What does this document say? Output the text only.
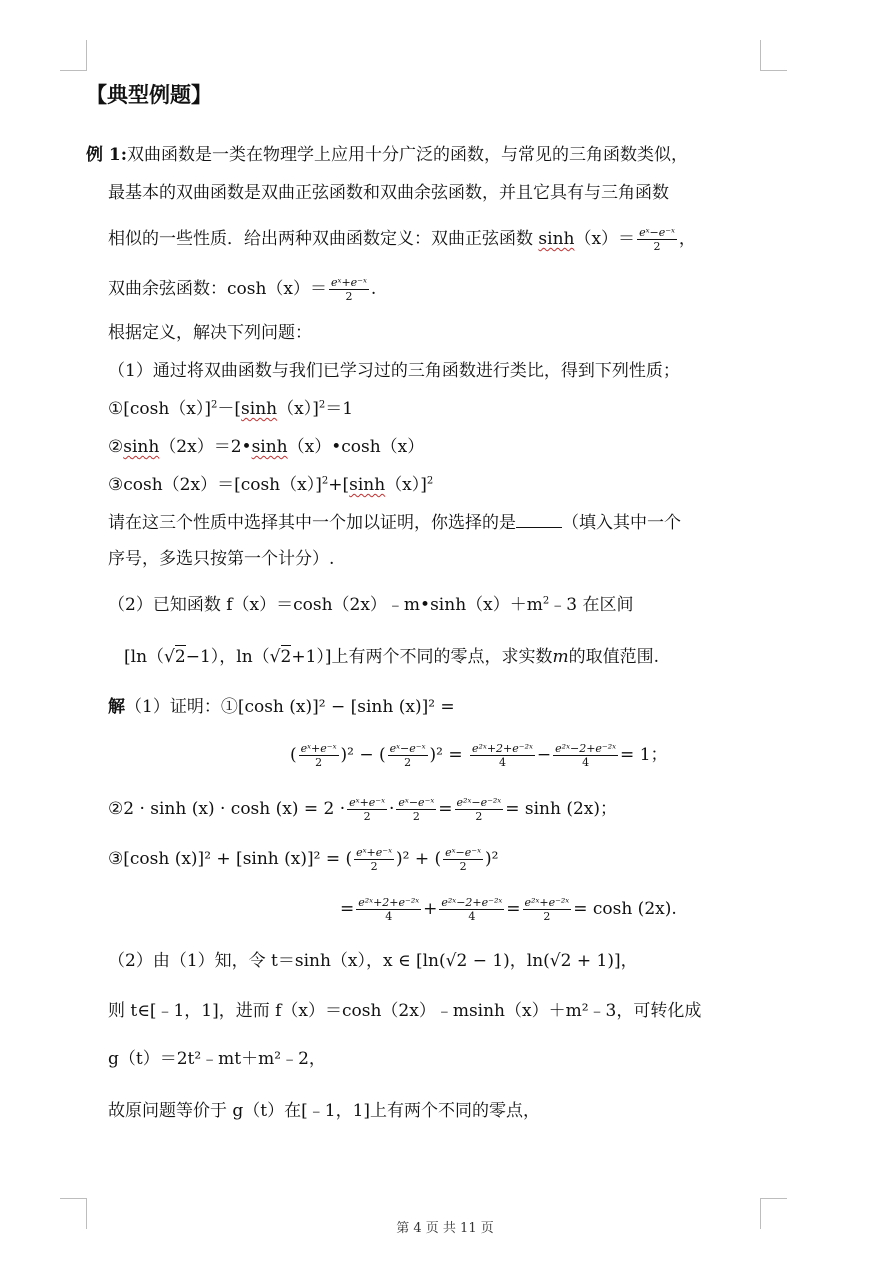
【典型例题】
例 1:双曲函数是一类在物理学上应用十分广泛的函数，与常见的三角函数类似，
最基本的双曲函数是双曲正弦函数和双曲余弦函数，并且它具有与三角函数
相似的一些性质．给出两种双曲函数定义：双曲正弦函数 $\sinh(x)= \frac{\text{eˣ−e⁻ˣ}}{2}$ ，
双曲余弦函数：$\cosh(x)= \frac{\text{eˣ+e⁻ˣ}}{2}$ .
根据定义，解决下列问题：
（1）通过将双曲函数与我们已学习过的三角函数进行类比，得到下列性质；
$①[\cosh(x)]^2-[\sinh(x)]^2=1$
②sinh（2x）＝2•sinh（x）•cosh（x）
$③\cosh(2x)=[\cosh(x)]^2+[\sinh(x)]^2$
请在这三个性质中选择其中一个加以证明，你选择的是	（填入其中一个
序号，多选只按第一个计分）.
（2）已知函数 $f(x)=\cosh(2x)﹣m•\sinh(x)+m^2﹣3$ 在区间
[ln（√2−1），ln（√2+1）]上有两个不同的零点，求实数m的取值范围.
解（1）证明：①[cosh (x)]² − [sinh (x)]² =
( $\frac{\text{eˣ+e⁻ˣ}}{2} )^2$ − ( $\frac{\text{eˣ−e⁻ˣ}}{2} )^2 = \frac{\text{e²ˣ+2+e⁻²ˣ}}{4} - \frac{\text{e²ˣ−2+e⁻²ˣ}}{4} = 1$；
②2 · $\sinh (x) \cdot \cosh (x) = 2 \cdot \frac{\text{eˣ+e⁻ˣ}}{2} \cdot \frac{\text{eˣ−e⁻ˣ}}{2} = \frac{\text{e²ˣ−e⁻²ˣ}}{2} = \sinh (2x)$；
③[cosh (x)]² + [sinh (x)]² = ( $\frac{\text{eˣ+e⁻ˣ}}{2} )^2$ + ( $\frac{\text{eˣ−e⁻ˣ}}{2} )^2$
= $\frac{\text{e²ˣ+2+e⁻²ˣ}}{4} + \frac{\text{e²ˣ−2+e⁻²ˣ}}{4} = \frac{\text{e²ˣ+e⁻²ˣ}}{2} = \cosh (2x)$.
（2）由（1）知，令 t＝sinh（x），x ∈ [ln(√2 − 1)，ln(√2 + 1)]，
则 t∈[﹣1，1]，进而 f（x）＝cosh（2x）﹣msinh（x）＋m²﹣3，可转化成
g（t）＝2t²﹣mt＋m²﹣2，
故原问题等价于 g（t）在[﹣1，1]上有两个不同的零点，
第 4 页 共 11 页
